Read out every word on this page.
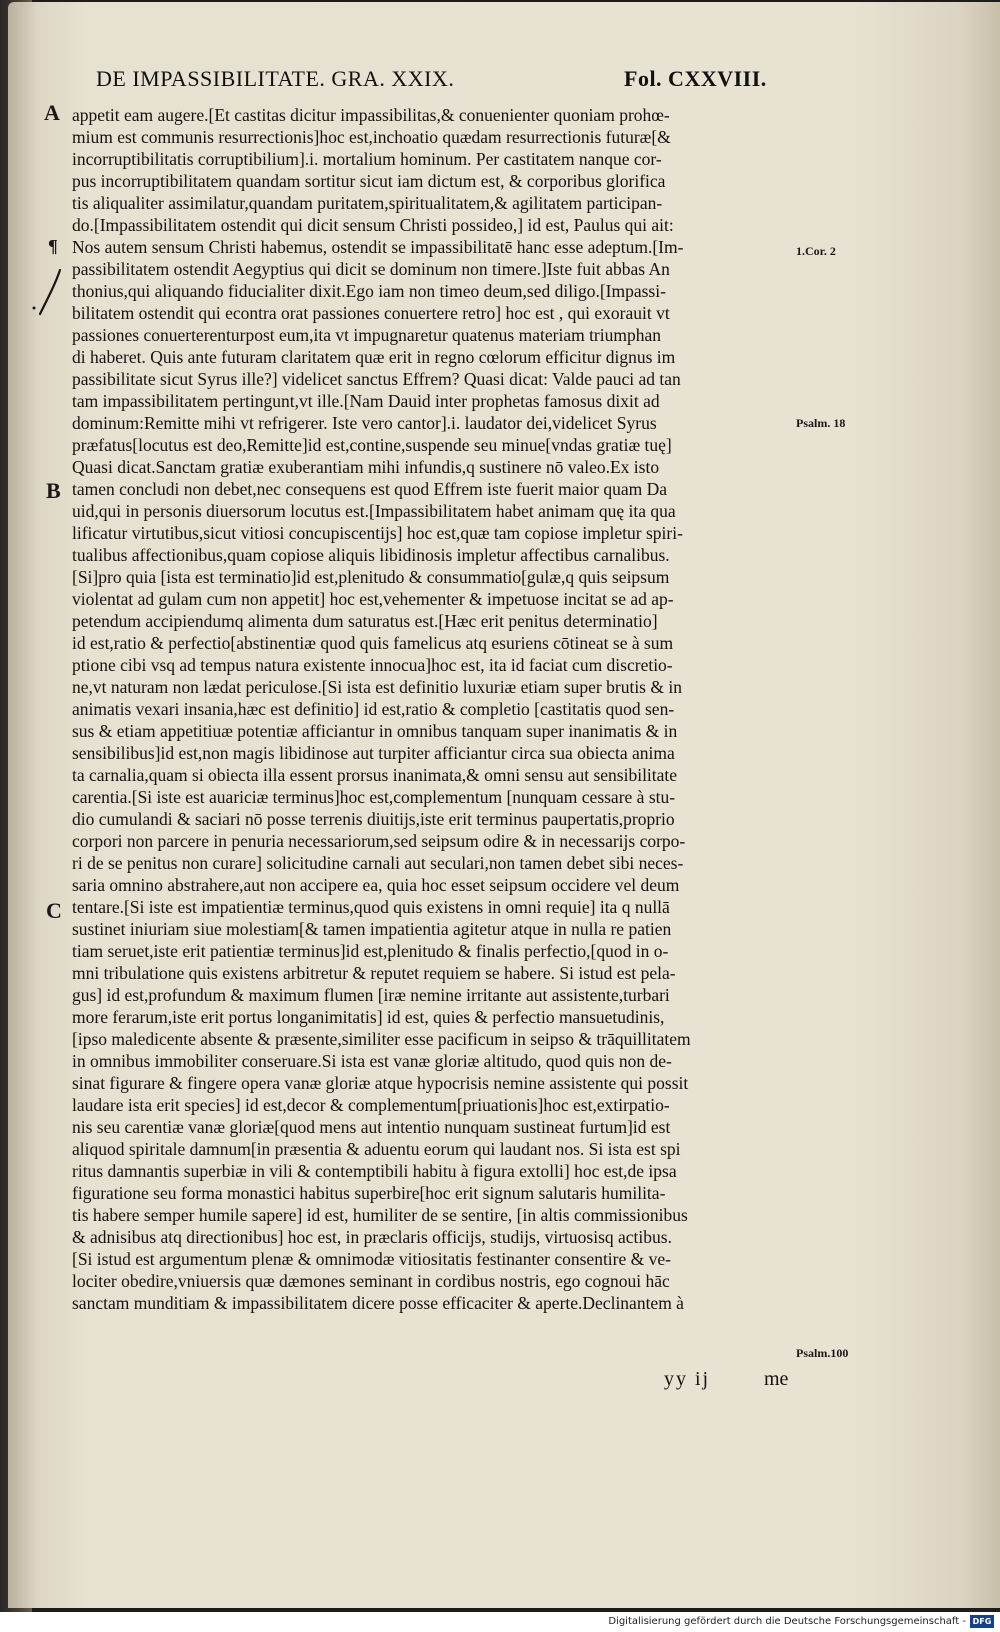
DE IMPASSIBILITATE. GRA. XXIX.	Fol. CXXVIII.
A
B
C
¶
appetit eam augere.[Et castitas dicitur impassibilitas,& conuenienter quoniam prohœ-
mium est communis resurrectionis]hoc est,inchoatio quædam resurrectionis futuræ[&
incorruptibilitatis corruptibilium].i. mortalium hominum. Per castitatem nanque cor-
pus incorruptibilitatem quandam sortitur sicut iam dictum est, & corporibus glorifica
tis aliqualiter assimilatur,quandam puritatem,spiritualitatem,& agilitatem participan-
do.[Impassibilitatem ostendit qui dicit sensum Christi possideo,] id est, Paulus qui ait:
Nos autem sensum Christi habemus, ostendit se impassibilitatē hanc esse adeptum.[Im-
passibilitatem ostendit Aegyptius qui dicit se dominum non timere.]Iste fuit abbas An
thonius,qui aliquando fiducialiter dixit.Ego iam non timeo deum,sed diligo.[Impassi-
bilitatem ostendit qui econtra orat passiones conuertere retro] hoc est , qui exorauit vt
passiones conuerterenturpost eum,ita vt impugnaretur quatenus materiam triumphan
di haberet. Quis ante futuram claritatem quæ erit in regno cœlorum efficitur dignus im
passibilitate sicut Syrus ille?] videlicet sanctus Effrem? Quasi dicat: Valde pauci ad tan
tam impassibilitatem pertingunt,vt ille.[Nam Dauid inter prophetas famosus dixit ad
dominum:Remitte mihi vt refrigerer. Iste vero cantor].i. laudator dei,videlicet Syrus
præfatus[locutus est deo,Remitte]id est,contine,suspende seu minue[vndas gratiæ tuę]
Quasi dicat.Sanctam gratiæ exuberantiam mihi infundis,q sustinere nō valeo.Ex isto
tamen concludi non debet,nec consequens est quod Effrem iste fuerit maior quam Da
uid,qui in personis diuersorum locutus est.[Impassibilitatem habet animam quę ita qua
lificatur virtutibus,sicut vitiosi concupiscentijs] hoc est,quæ tam copiose impletur spiri-
tualibus affectionibus,quam copiose aliquis libidinosis impletur affectibus carnalibus.
[Si]pro quia [ista est terminatio]id est,plenitudo & consummatio[gulæ,q quis seipsum
violentat ad gulam cum non appetit] hoc est,vehementer & impetuose incitat se ad ap-
petendum accipiendumq alimenta dum saturatus est.[Hæc erit penitus determinatio]
id est,ratio & perfectio[abstinentiæ quod quis famelicus atq esuriens cōtineat se à sum
ptione cibi vsq ad tempus natura existente innocua]hoc est, ita id faciat cum discretio-
ne,vt naturam non lædat periculose.[Si ista est definitio luxuriæ etiam super brutis & in
animatis vexari insania,hæc est definitio] id est,ratio & completio [castitatis quod sen-
sus & etiam appetitiuæ potentiæ afficiantur in omnibus tanquam super inanimatis & in
sensibilibus]id est,non magis libidinose aut turpiter afficiantur circa sua obiecta anima
ta carnalia,quam si obiecta illa essent prorsus inanimata,& omni sensu aut sensibilitate
carentia.[Si iste est auariciæ terminus]hoc est,complementum [nunquam cessare à stu-
dio cumulandi & saciari nō posse terrenis diuitijs,iste erit terminus paupertatis,proprio
corpori non parcere in penuria necessariorum,sed seipsum odire & in necessarijs corpo-
ri de se penitus non curare] solicitudine carnali aut seculari,non tamen debet sibi neces-
saria omnino abstrahere,aut non accipere ea, quia hoc esset seipsum occidere vel deum
tentare.[Si iste est impatientiæ terminus,quod quis existens in omni requie] ita q nullā
sustinet iniuriam siue molestiam[& tamen impatientia agitetur atque in nulla re patien
tiam seruet,iste erit patientiæ terminus]id est,plenitudo & finalis perfectio,[quod in o-
mni tribulatione quis existens arbitretur & reputet requiem se habere. Si istud est pela-
gus] id est,profundum & maximum flumen [iræ nemine irritante aut assistente,turbari
more ferarum,iste erit portus longanimitatis] id est, quies & perfectio mansuetudinis,
[ipso maledicente absente & præsente,similiter esse pacificum in seipso & trāquillitatem
in omnibus immobiliter conseruare.Si ista est vanæ gloriæ altitudo, quod quis non de-
sinat figurare & fingere opera vanæ gloriæ atque hypocrisis nemine assistente qui possit
laudare ista erit species] id est,decor & complementum[priuationis]hoc est,extirpatio-
nis seu carentiæ vanæ gloriæ[quod mens aut intentio nunquam sustineat furtum]id est
aliquod spiritale damnum[in præsentia & aduentu eorum qui laudant nos. Si ista est spi
ritus damnantis superbiæ in vili & contemptibili habitu à figura extolli] hoc est,de ipsa
figuratione seu forma monastici habitus superbire[hoc erit signum salutaris humilita-
tis habere semper humile sapere] id est, humiliter de se sentire, [in altis commissionibus
& adnisibus atq directionibus] hoc est, in præclaris officijs, studijs, virtuosisq actibus.
[Si istud est argumentum plenæ & omnimodæ vitiositatis festinanter consentire & ve-
lociter obedire,vniuersis quæ dæmones seminant in cordibus nostris, ego cognoui hāc
sanctam munditiam & impassibilitatem dicere posse efficaciter & aperte.Declinantem à
1.Cor. 2
Psalm. 18
Psalm.100
yy ij	me
Digitalisierung gefördert durch die Deutsche Forschungsgemeinschaft - DFG
